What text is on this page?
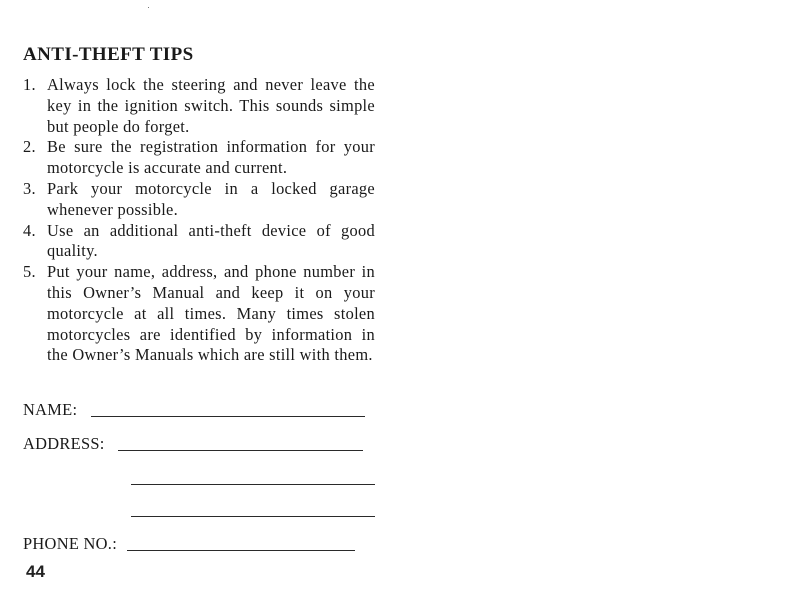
ANTI-THEFT TIPS
1. Always lock the steering and never leave the key in the ignition switch. This sounds simple but people do forget.
2. Be sure the registration information for your motorcycle is accurate and current.
3. Park your motorcycle in a locked garage whenever possible.
4. Use an additional anti-theft device of good quality.
5. Put your name, address, and phone number in this Owner’s Manual and keep it on your motorcycle at all times. Many times stolen motorcycles are identified by information in the Owner’s Manuals which are still with them.
NAME:
ADDRESS:
PHONE NO.:
44
